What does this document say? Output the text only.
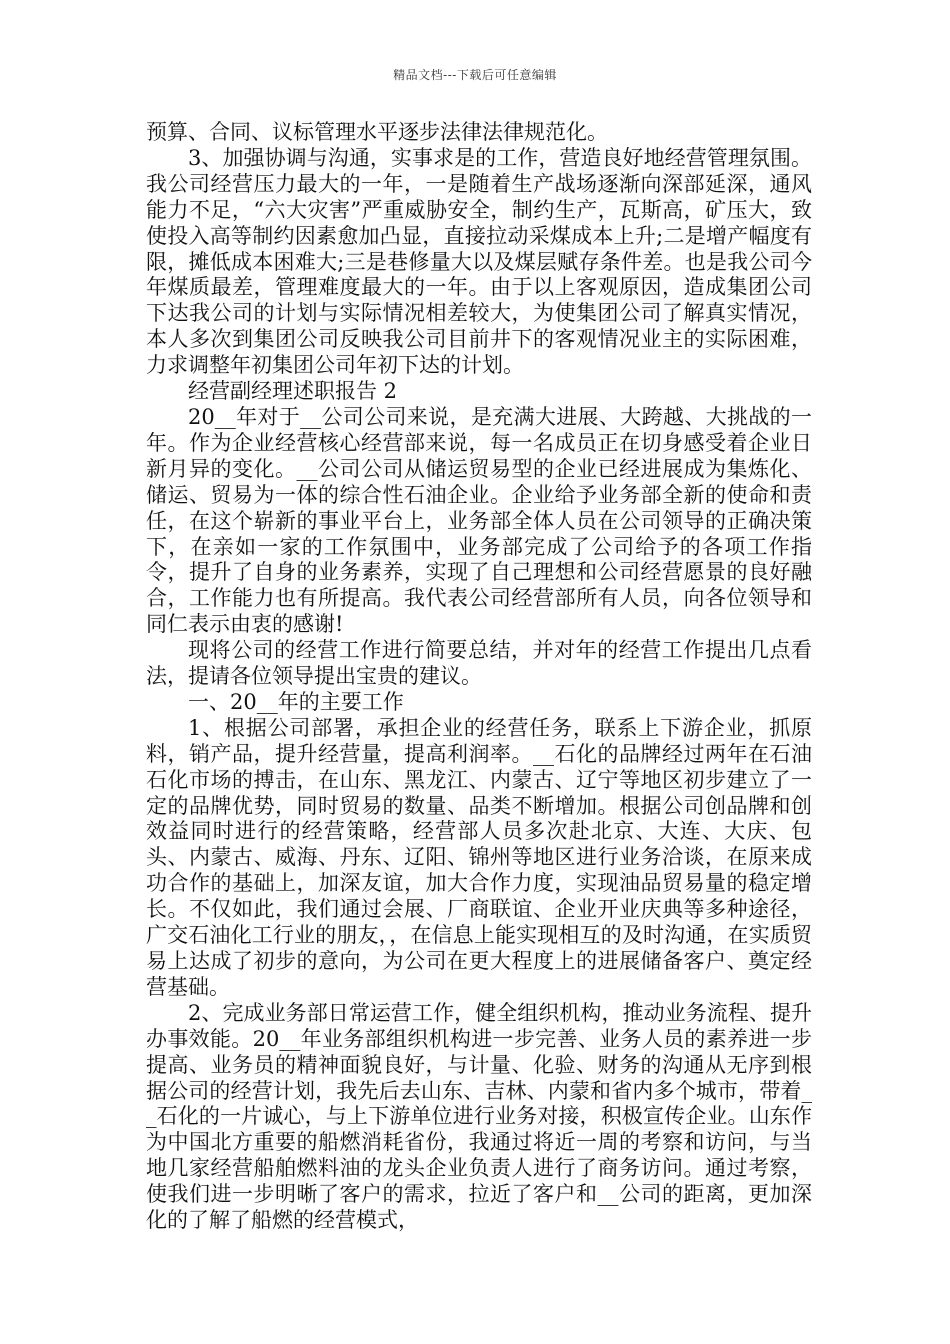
精品文档---下载后可任意编辑

预算、合同、议标管理水平逐步法律法律规范化。

3、加强协调与沟通，实事求是的工作，营造良好地经营管理氛围。我公司经营压力最大的一年，一是随着生产战场逐渐向深部延深，通风能力不足，“六大灾害”严重威胁安全，制约生产，瓦斯高，矿压大，致使投入高等制约因素愈加凸显，直接拉动采煤成本上升;二是增产幅度有限，摊低成本困难大;三是巷修量大以及煤层赋存条件差。也是我公司今年煤质最差，管理难度最大的一年。由于以上客观原因，造成集团公司下达我公司的计划与实际情况相差较大，为使集团公司了解真实情况，本人多次到集团公司反映我公司目前井下的客观情况业主的实际困难，力求调整年初集团公司年初下达的计划。

经营副经理述职报告 2

20__年对于__公司公司来说，是充满大进展、大跨越、大挑战的一年。作为企业经营核心经营部来说，每一名成员正在切身感受着企业日新月异的变化。__公司公司从储运贸易型的企业已经进展成为集炼化、储运、贸易为一体的综合性石油企业。企业给予业务部全新的使命和责任，在这个崭新的事业平台上，业务部全体人员在公司领导的正确决策下，在亲如一家的工作氛围中，业务部完成了公司给予的各项工作指令，提升了自身的业务素养，实现了自己理想和公司经营愿景的良好融合，工作能力也有所提高。我代表公司经营部所有人员，向各位领导和同仁表示由衷的感谢!

现将公司的经营工作进行简要总结，并对年的经营工作提出几点看法，提请各位领导提出宝贵的建议。

一、20__年的主要工作

1、根据公司部署，承担企业的经营任务，联系上下游企业，抓原料，销产品，提升经营量，提高利润率。__石化的品牌经过两年在石油石化市场的搏击，在山东、黑龙江、内蒙古、辽宁等地区初步建立了一定的品牌优势，同时贸易的数量、品类不断增加。根据公司创品牌和创效益同时进行的经营策略，经营部人员多次赴北京、大连、大庆、包头、内蒙古、威海、丹东、辽阳、锦州等地区进行业务洽谈，在原来成功合作的基础上，加深友谊，加大合作力度，实现油品贸易量的稳定增长。不仅如此，我们通过会展、厂商联谊、企业开业庆典等多种途径，广交石油化工行业的朋友，，在信息上能实现相互的及时沟通，在实质贸易上达成了初步的意向，为公司在更大程度上的进展储备客户、奠定经营基础。

2、完成业务部日常运营工作，健全组织机构，推动业务流程、提升办事效能。20__年业务部组织机构进一步完善、业务人员的素养进一步提高、业务员的精神面貌良好，与计量、化验、财务的沟通从无序到根据公司的经营计划，我先后去山东、吉林、内蒙和省内多个城市，带着__石化的一片诚心，与上下游单位进行业务对接，积极宣传企业。山东作为中国北方重要的船燃消耗省份，我通过将近一周的考察和访问，与当地几家经营船舶燃料油的龙头企业负责人进行了商务访问。通过考察，使我们进一步明晰了客户的需求，拉近了客户和__公司的距离，更加深化的了解了船燃的经营模式，
